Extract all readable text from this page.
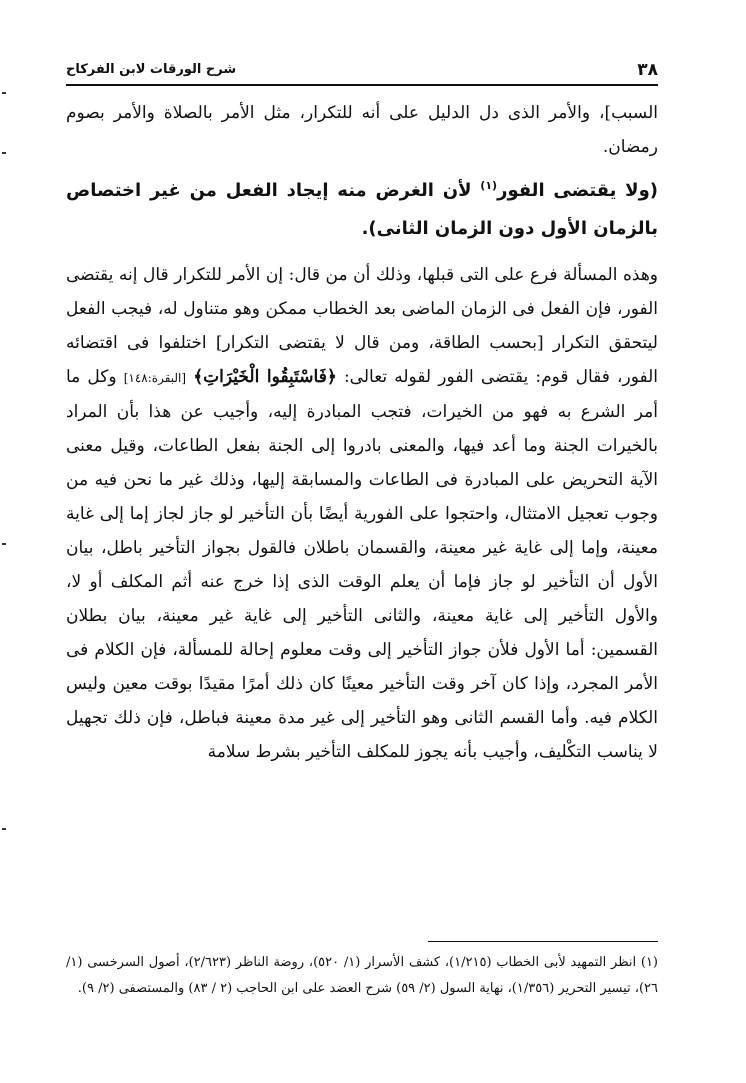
٣٨
شرح الورقات لابن الفركاح

السبب]، والأمر الذى دل الدليل على أنه للتكرار، مثل الأمر بالصلاة والأمر بصوم رمضان.

(ولا يقتضى الفور$^{(١)}$ لأن الغرض منه إيجاد الفعل من غير اختصاص بالزمان الأول دون الزمان الثانى).

وهذه المسألة فرع على التى قبلها، وذلك أن من قال: إن الأمر للتكرار قال إنه يقتضى الفور، فإن الفعل فى الزمان الماضى بعد الخطاب ممكن وهو متناول له، فيجب الفعل ليتحقق التكرار [بحسب الطاقة، ومن قال لا يقتضى التكرار] اختلفوا فى اقتضائه الفور، فقال قوم: يقتضى الفور لقوله تعالى: ﴿فَاسْتَبِقُوا الْخَيْرَاتِ﴾ [البقرة:١٤٨] وكل ما أمر الشرع به فهو من الخيرات، فتجب المبادرة إليه، وأجيب عن هذا بأن المراد بالخيرات الجنة وما أعد فيها، والمعنى بادروا إلى الجنة بفعل الطاعات، وقيل معنى الآية التحريض على المبادرة فى الطاعات والمسابقة إليها، وذلك غير ما نحن فيه من وجوب تعجيل الامتثال، واحتجوا على الفورية أيضًا بأن التأخير لو جاز لجاز إما إلى غاية معينة، وإما إلى غاية غير معينة، والقسمان باطلان فالقول بجواز التأخير باطل، بيان الأول أن التأخير لو جاز فإما أن يعلم الوقت الذى إذا خرج عنه أثم المكلف أو لا، والأول التأخير إلى غاية معينة، والثانى التأخير إلى غاية غير معينة، بيان بطلان القسمين: أما الأول فلأن جواز التأخير إلى وقت معلوم إحالة للمسألة، فإن الكلام فى الأمر المجرد، وإذا كان آخر وقت التأخير معينًا كان ذلك أمرًا مقيدًا بوقت معين وليس الكلام فيه. وأما القسم الثانى وهو التأخير إلى غير مدة معينة فباطل، فإن ذلك تجهيل لا يناسب التكْليف، وأجيب بأنه يجوز للمكلف التأخير بشرط سلامة

(١) انظر التمهيد لأبى الخطاب (١/٢١٥)، كشف الأسرار (١/ ٥٢٠)، روضة الناظر (٢/٦٢٣)، أصول السرخسى (١/ ٢٦)، تيسير التحرير (١/٣٥٦)، نهاية السول (٢/ ٥٩) شرح العضد على ابن الحاجب (٢ / ٨٣) والمستصفى (٢/ ٩).
